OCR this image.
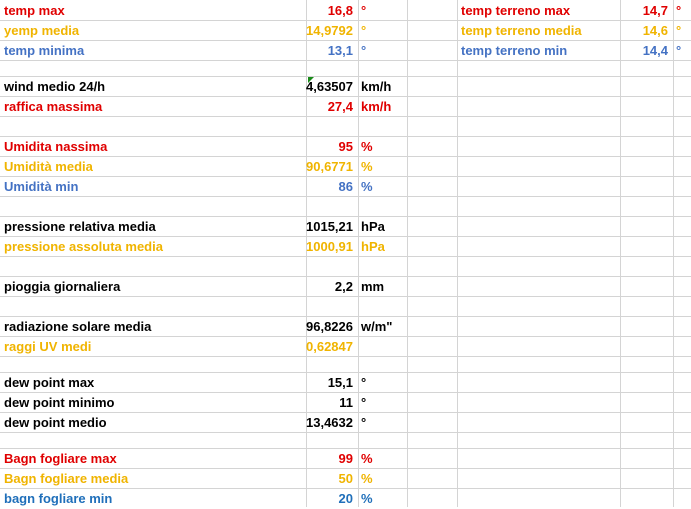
temp max	16,8 °	temp terreno max	14,7 °
yemp media	14,9792 °	temp terreno media	14,6 °
temp minima	13,1 °	temp terreno min	14,4 °
wind medio 24/h	4,63507 km/h
raffica massima	27,4 km/h
Umidita nassima	95 %
Umidità media	90,6771 %
Umidità min	86 %
pressione relativa media	1015,21 hPa
pressione assoluta media	1000,91 hPa
pioggia giornaliera	2,2 mm
radiazione solare media	96,8226 w/m"
raggi UV medi	0,62847
dew point max	15,1 °
dew point minimo	11 °
dew point medio	13,4632 °
Bagn fogliare max	99 %
Bagn fogliare media	50 %
bagn fogliare min	20 %
